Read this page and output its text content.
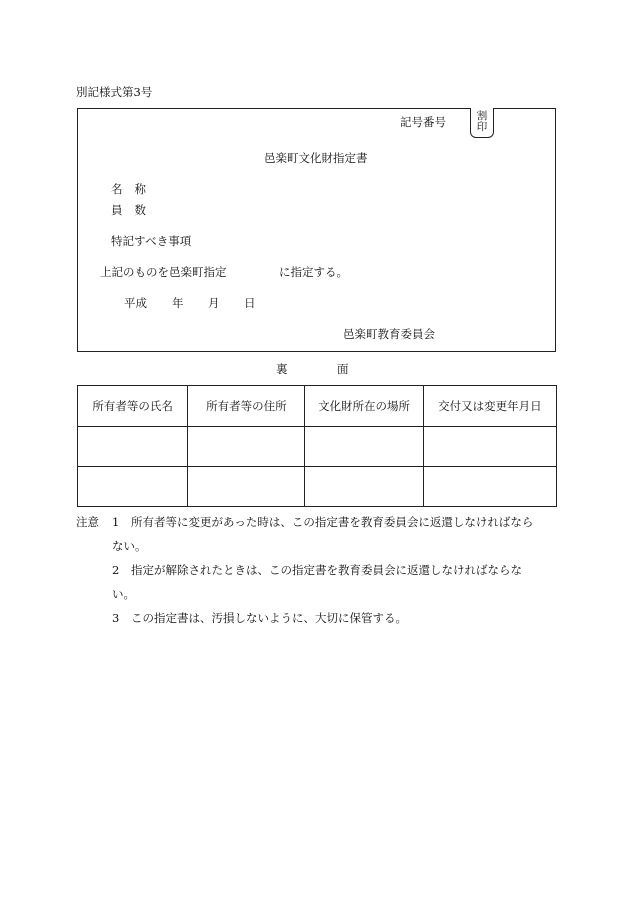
別記様式第3号
割
印
記号番号
邑楽町文化財指定書
名称
員数
特記すべき事項
上記のものを邑楽町指定	に指定する。
平成 年 月 日
邑楽町教育委員会
裏	面
所有者等の氏名	所有者等の住所	文化財所在の場所	交付又は変更年月日

注意 1 所有者等に変更があった時は、この指定書を教育委員会に返還しなければなら
ない。
2 指定が解除されたときは、この指定書を教育委員会に返還しなければならな
い。
3 この指定書は、汚損しないように、大切に保管する。
